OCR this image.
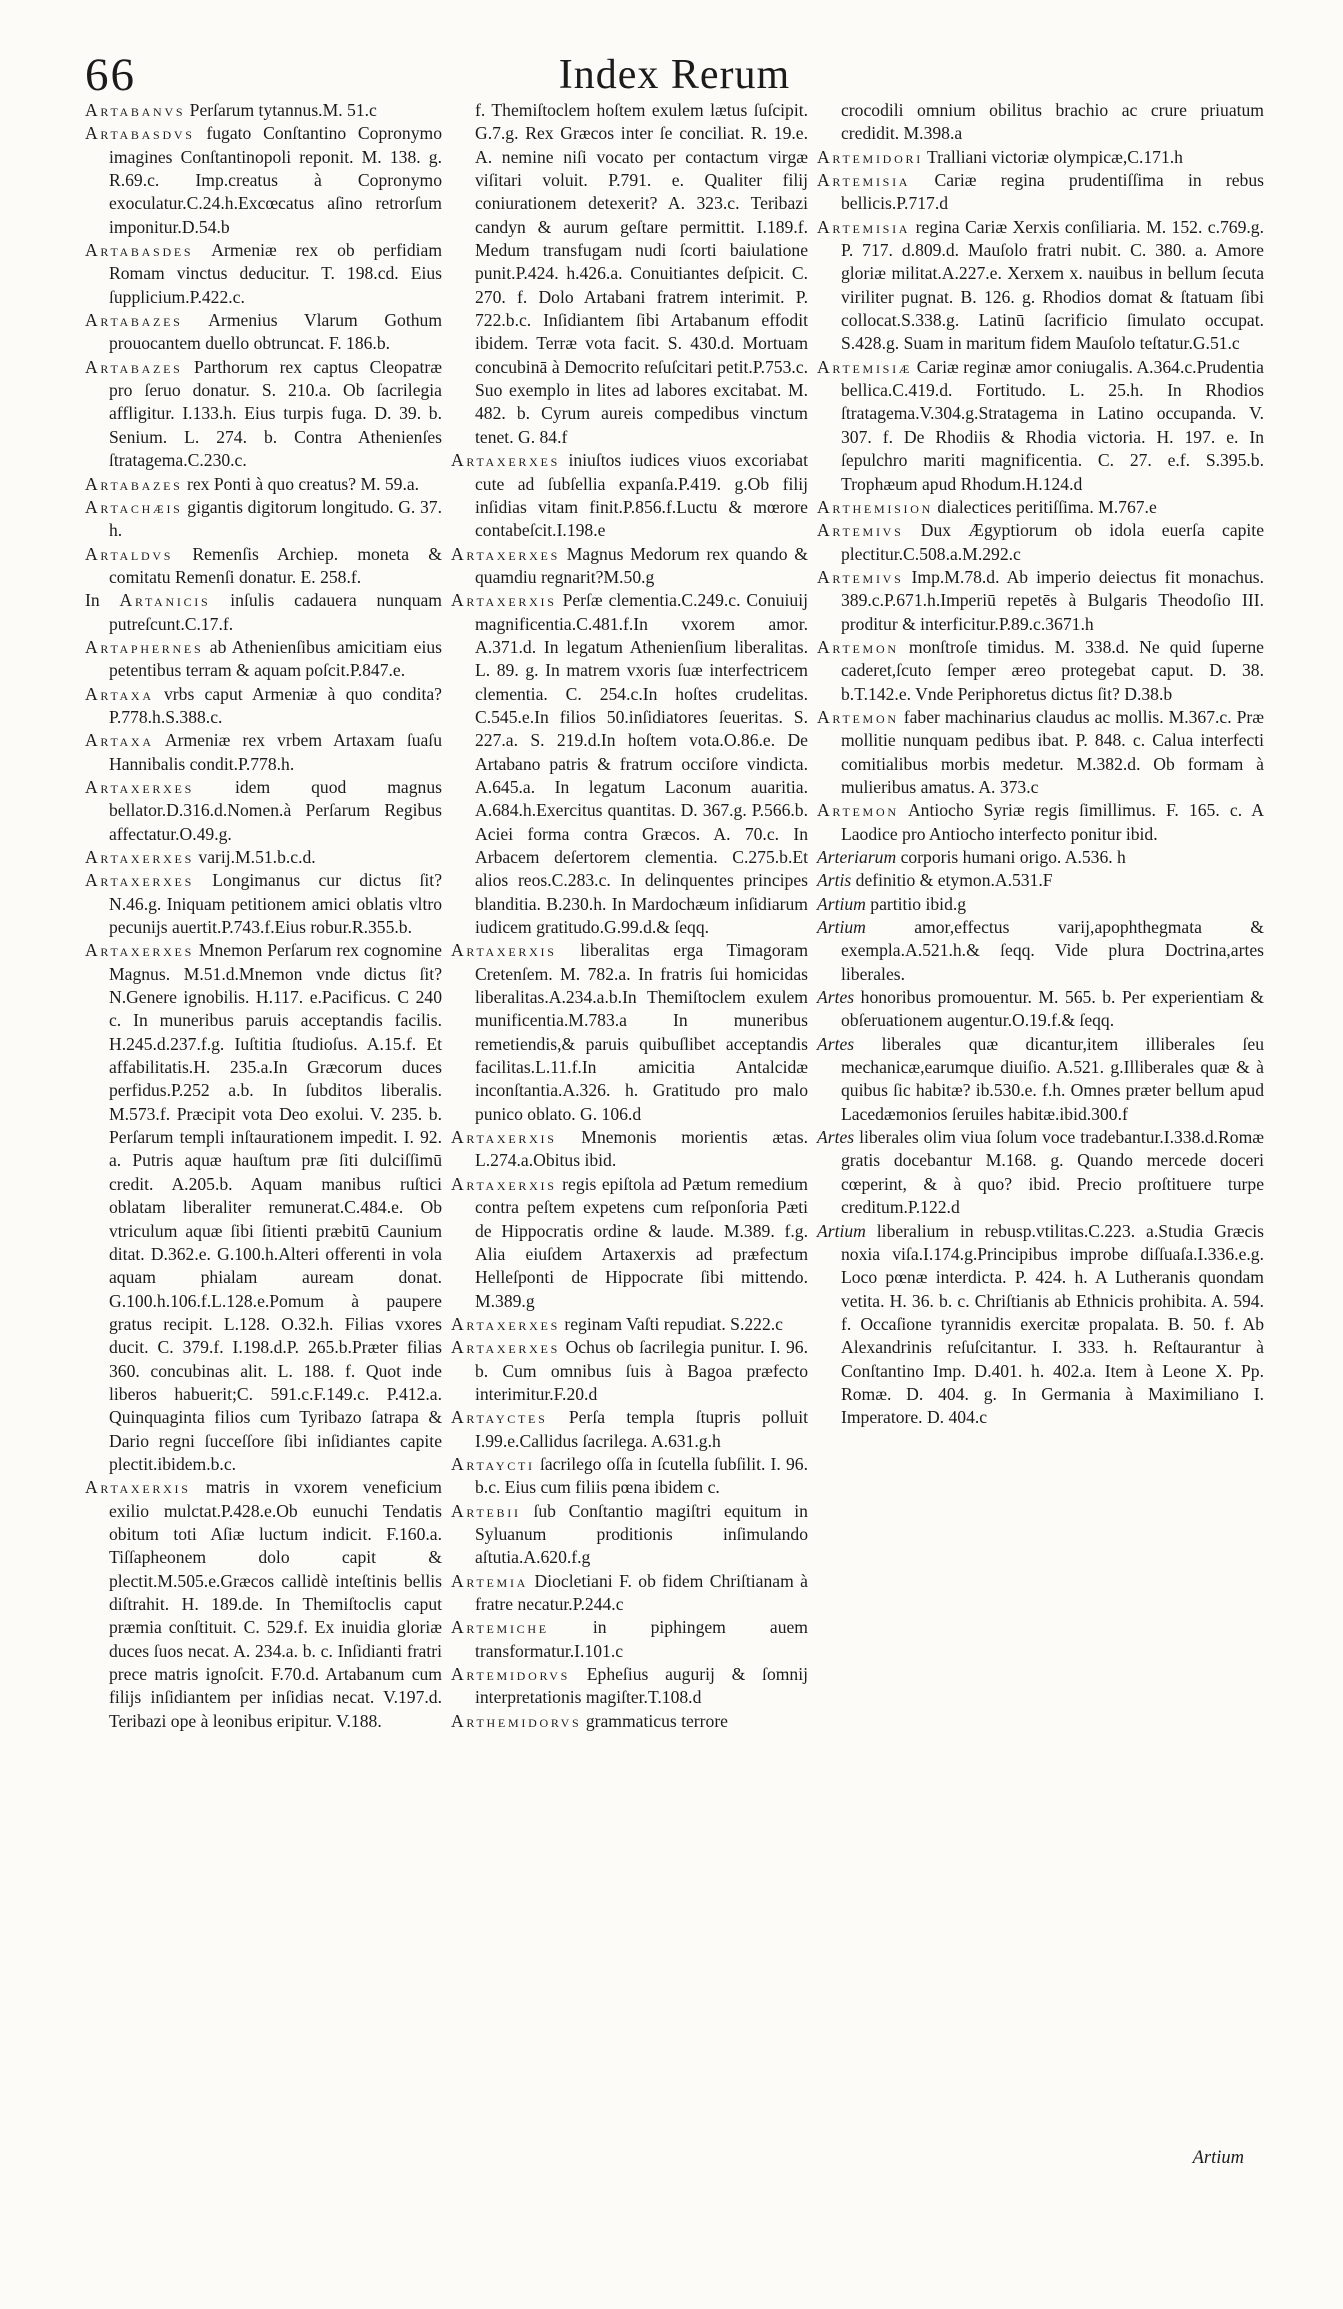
66	Index Rerum

Artabanvs Perſarum tytannus.M. 51.c

Artabasdvs fugato Conſtantino Copronymo imagines Conſtantinopoli reponit. M. 138. g. R.69.c. Imp.creatus à Copronymo exoculatur.C.24.h.Excœcatus aſino retrorſum imponitur.D.54.b

Artabasdes Armeniæ rex ob perfidiam Romam vinctus deducitur. T. 198.cd. Eius ſupplicium.P.422.c.

Artabazes Armenius Vlarum Gothum prouocantem duello obtruncat. F. 186.b.

Artabazes Parthorum rex captus Cleopatræ pro ſeruo donatur. S. 210.a. Ob ſacrilegia affligitur. I.133.h. Eius turpis fuga. D. 39. b. Senium. L. 274. b. Contra Athenienſes ſtratagema.C.230.c.

Artabazes rex Ponti à quo creatus? M. 59.a.

Artachæis gigantis digitorum longitudo. G. 37. h.

Artaldvs Remenſis Archiep. moneta & comitatu Remenſi donatur. E. 258.f.

In Artanicis inſulis cadauera nunquam putreſcunt.C.17.f.

Artaphernes ab Athenienſibus amicitiam eius petentibus terram & aquam poſcit.P.847.e.

Artaxa vrbs caput Armeniæ à quo condita?P.778.h.S.388.c.

Artaxa Armeniæ rex vrbem Artaxam ſuaſu Hannibalis condit.P.778.h.

Artaxerxes idem quod magnus bellator.D.316.d.Nomen.à Perſarum Regibus affectatur.O.49.g.

Artaxerxes varij.M.51.b.c.d.

Artaxerxes Longimanus cur dictus ſit? N.46.g. Iniquam petitionem amici oblatis vltro pecunijs auertit.P.743.f.Eius robur.R.355.b.

Artaxerxes Mnemon Perſarum rex cognomine Magnus. M.51.d.Mnemon vnde dictus ſit?N.Genere ignobilis. H.117. e.Pacificus. C 240 c. In muneribus paruis acceptandis facilis. H.245.d.237.f.g. Iuſtitia ſtudioſus. A.15.f. Et affabilitatis.H. 235.a.In Græcorum duces perfidus.P.252 a.b. In ſubditos liberalis. M.573.f. Præcipit vota Deo exolui. V. 235. b. Perſarum templi inſtaurationem impedit. I. 92. a. Putris aquæ hauſtum præ ſiti dulciſſimū credit. A.205.b. Aquam manibus ruſtici oblatam liberaliter remunerat.C.484.e. Ob vtriculum aquæ ſibi ſitienti præbitū Caunium ditat. D.362.e. G.100.h.Alteri offerenti in vola aquam phialam auream donat. G.100.h.106.f.L.128.e.Pomum à paupere gratus recipit. L.128. O.32.h. Filias vxores ducit. C. 379.f. I.198.d.P. 265.b.Præter filias 360. concubinas alit. L. 188. f. Quot inde liberos habuerit;C. 591.c.F.149.c. P.412.a. Quinquaginta filios cum Tyribazo ſatrapa & Dario regni ſucceſſore ſibi inſidiantes capite plectit.ibidem.b.c.

Artaxerxis matris in vxorem veneficium exilio mulctat.P.428.e.Ob eunuchi Tendatis obitum toti Aſiæ luctum indicit. F.160.a. Tiſſapheonem dolo capit & plectit.M.505.e.Græcos callidè inteſtinis bellis diſtrahit. H. 189.de. In Themiſtoclis caput præmia conſtituit. C. 529.f. Ex inuidia gloriæ duces ſuos necat. A. 234.a. b. c. Inſidianti fratri prece matris ignoſcit. F.70.d. Artabanum cum filijs inſidiantem per inſidias necat. V.197.d. Teribazi ope à leonibus eripitur. V.188.

f. Themiſtoclem hoſtem exulem lætus ſuſcipit. G.7.g. Rex Græcos inter ſe conciliat. R. 19.e. A. nemine niſi vocato per contactum virgæ viſitari voluit. P.791. e. Qualiter filij coniurationem detexerit? A. 323.c. Teribazi candyn & aurum geſtare permittit. I.189.f. Medum transfugam nudi ſcorti baiulatione punit.P.424. h.426.a. Conuitiantes deſpicit. C. 270. f. Dolo Artabani fratrem interimit. P. 722.b.c. Inſidiantem ſibi Artabanum effodit ibidem. Terræ vota facit. S. 430.d. Mortuam concubinā à Democrito reſuſcitari petit.P.753.c. Suo exemplo in lites ad labores excitabat. M. 482. b. Cyrum aureis compedibus vinctum tenet. G. 84.f

Artaxerxes iniuſtos iudices viuos excoriabat cute ad ſubſellia expanſa.P.419. g.Ob filij inſidias vitam finit.P.856.f.Luctu & mœrore contabeſcit.I.198.e

Artaxerxes Magnus Medorum rex quando & quamdiu regnarit?M.50.g

Artaxerxis Perſæ clementia.C.249.c. Conuiuij magnificentia.C.481.f.In vxorem amor. A.371.d. In legatum Athenienſium liberalitas. L. 89. g. In matrem vxoris ſuæ interfectricem clementia. C. 254.c.In hoſtes crudelitas. C.545.e.In filios 50.inſidiatores ſeueritas. S. 227.a. S. 219.d.In hoſtem vota.O.86.e. De Artabano patris & fratrum occiſore vindicta. A.645.a. In legatum Laconum auaritia. A.684.h.Exercitus quantitas. D. 367.g. P.566.b. Aciei forma contra Græcos. A. 70.c. In Arbacem deſertorem clementia. C.275.b.Et alios reos.C.283.c. In delinquentes principes blanditia. B.230.h. In Mardochæum inſidiarum iudicem gratitudo.G.99.d.& ſeqq.

Artaxerxis liberalitas erga Timagoram Cretenſem. M. 782.a. In fratris ſui homicidas liberalitas.A.234.a.b.In Themiſtoclem exulem munificentia.M.783.a In muneribus remetiendis,& paruis quibuſlibet acceptandis facilitas.L.11.f.In amicitia Antalcidæ inconſtantia.A.326. h. Gratitudo pro malo punico oblato. G. 106.d

Artaxerxis Mnemonis morientis ætas. L.274.a.Obitus ibid.

Artaxerxis regis epiſtola ad Pætum remedium contra peſtem expetens cum reſponſoria Pæti de Hippocratis ordine & laude. M.389. f.g. Alia eiuſdem Artaxerxis ad præfectum Helleſponti de Hippocrate ſibi mittendo. M.389.g

Artaxerxes reginam Vaſti repudiat. S.222.c

Artaxerxes Ochus ob ſacrilegia punitur. I. 96. b. Cum omnibus ſuis à Bagoa præfecto interimitur.F.20.d

Artayctes Perſa templa ſtupris polluit I.99.e.Callidus ſacrilega. A.631.g.h

Artaycti ſacrilego oſſa in ſcutella ſubſilit. I. 96. b.c. Eius cum filiis pœna ibidem c.

Artebii ſub Conſtantio magiſtri equitum in Syluanum proditionis inſimulando aſtutia.A.620.f.g

Artemia Diocletiani F. ob fidem Chriſtianam à fratre necatur.P.244.c

Artemiche	in piphingem auem transformatur.I.101.c

Artemidorvs Epheſius augurij & ſomnij interpretationis magiſter.T.108.d

Arthemidorvs grammaticus terrore

crocodili omnium obilitus brachio ac crure priuatum credidit. M.398.a

Artemidori Tralliani victoriæ olympicæ,C.171.h

Artemisia Cariæ regina prudentiſſima in rebus bellicis.P.717.d

Artemisia regina Cariæ Xerxis conſiliaria. M. 152. c.769.g. P. 717. d.809.d. Mauſolo fratri nubit. C. 380. a. Amore gloriæ militat.A.227.e. Xerxem x. nauibus in bellum ſecuta viriliter pugnat. B. 126. g. Rhodios domat & ſtatuam ſibi collocat.S.338.g. Latinū ſacrificio ſimulato occupat. S.428.g. Suam in maritum fidem Mauſolo teſtatur.G.51.c

Artemisiæ Cariæ reginæ amor coniugalis. A.364.c.Prudentia bellica.C.419.d. Fortitudo. L. 25.h. In Rhodios ſtratagema.V.304.g.Stratagema in Latino occupanda. V. 307. f. De Rhodiis & Rhodia victoria. H. 197. e. In ſepulchro mariti magnificentia. C. 27. e.f. S.395.b. Trophæum apud Rhodum.H.124.d

Arthemision dialectices peritiſſima. M.767.e

Artemivs Dux Ægyptiorum ob idola euerſa capite plectitur.C.508.a.M.292.c

Artemivs Imp.M.78.d. Ab imperio deiectus fit monachus. 389.c.P.671.h.Imperiū repetēs à Bulgaris Theodoſio III. proditur & interficitur.P.89.c.3671.h

Artemon monſtroſe timidus. M. 338.d. Ne quid ſuperne caderet,ſcuto ſemper æreo protegebat caput. D. 38. b.T.142.e. Vnde Periphoretus dictus ſit? D.38.b

Artemon faber machinarius claudus ac mollis. M.367.c. Præ mollitie nunquam pedibus ibat. P. 848. c. Calua interfecti comitialibus morbis medetur. M.382.d. Ob formam à mulieribus amatus. A. 373.c

Artemon Antiocho Syriæ regis ſimillimus. F. 165. c. A Laodice pro Antiocho interfecto ponitur ibid.

Arteriarum corporis humani origo. A.536. h

Artis definitio & etymon.A.531.F

Artium partitio ibid.g

Artium	amor,effectus varij,apophthegmata & exempla.A.521.h.& ſeqq. Vide plura Doctrina,artes liberales.

Artes honoribus promouentur. M. 565. b. Per experientiam & obſeruationem augentur.O.19.f.& ſeqq.

Artes liberales quæ dicantur,item illiberales ſeu mechanicæ,earumque diuiſio. A.521. g.Illiberales quæ & à quibus ſic habitæ? ib.530.e. f.h. Omnes præter bellum apud Lacedæmonios ſeruiles habitæ.ibid.300.f

Artes liberales olim viua ſolum voce tradebantur.I.338.d.Romæ gratis docebantur M.168. g. Quando mercede doceri cœperint, & à quo? ibid. Precio proſtituere turpe creditum.P.122.d

Artium liberalium in rebusp.vtilitas.C.223. a.Studia Græcis noxia viſa.I.174.g.Principibus improbe diſſuaſa.I.336.e.g. Loco pœnæ interdicta. P. 424. h. A Lutheranis quondam vetita. H. 36. b. c. Chriſtianis ab Ethnicis prohibita. A. 594. f. Occaſione tyrannidis exercitæ propalata. B. 50. f. Ab Alexandrinis reſuſcitantur. I. 333. h. Reſtaurantur à Conſtantino Imp. D.401. h. 402.a. Item à Leone X. Pp. Romæ. D. 404. g. In Germania à Maximiliano I. Imperatore. D. 404.c

Artium
